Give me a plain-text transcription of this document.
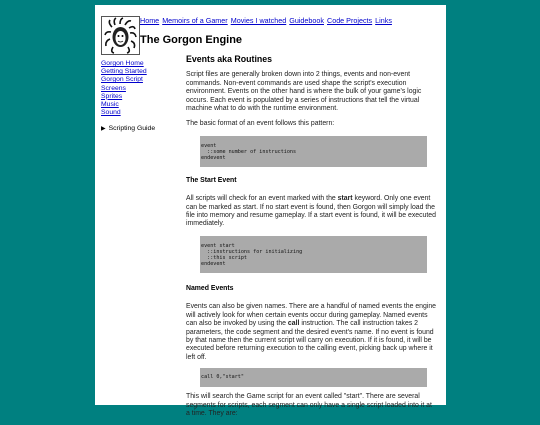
Home Memoirs of a Gamer Movies I watched Guidebook Code Projects Links
The Gorgon Engine
Gorgon Home
Getting Started
Gorgon Script
Screens
Sprites
Music
Sound
▶ Scripting Guide
Events aka Routines

Script files are generally broken down into 2 things, events and non-event commands. Non-event commands are used shape the script's execution environment. Events on the other hand is where the bulk of your game's logic occurs. Each event is populated by a series of instructions that tell the virtual machine what to do with the runtime environment.

The basic format of an event follows this pattern:

event
::some number of instructions
endevent
The Start Event

All scripts will check for an event marked with the start keyword. Only one event can be marked as start. If no start event is found, then Gorgon will simply load the file into memory and resume gameplay. If a start event is found, it will be executed immediately.

event start
::instructions for initializing
::this script
endevent
Named Events

Events can also be given names. There are a handful of named events the engine will actively look for when certain events occur during gameplay. Named events can also be invoked by using the call instruction. The call instruction takes 2 parameters, the code segment and the desired event's name. If no event is found by that name then the current script will carry on execution. If it is found, it will be executed before returning execution to the calling event, picking back up where it left off.

call 0,"start"

This will search the Game script for an event called "start". There are several segments for scripts, each segment can only have a single script loaded into it at a time. They are:
